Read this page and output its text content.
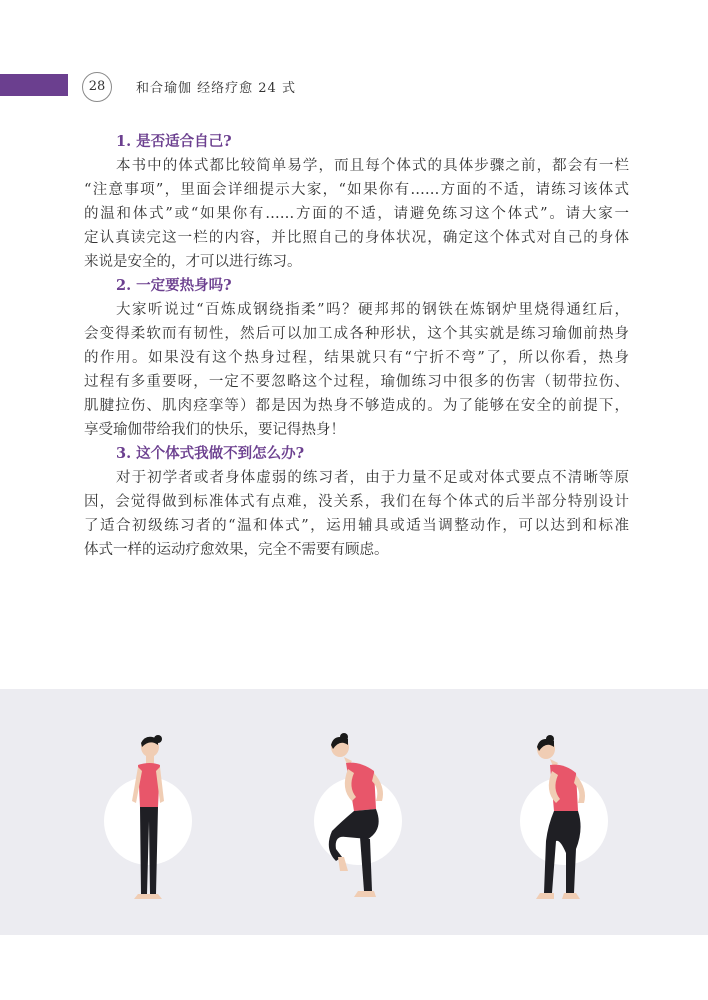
28	和合瑜伽 经络疗愈 24 式
1. 是否适合自己?
本书中的体式都比较简单易学，而且每个体式的具体步骤之前，都会有一栏
“注意事项”，里面会详细提示大家，“如果你有……方面的不适，请练习该体式
的温和体式”或“如果你有……方面的不适，请避免练习这个体式”。请大家一
定认真读完这一栏的内容，并比照自己的身体状况，确定这个体式对自己的身体
来说是安全的，才可以进行练习。
2. 一定要热身吗?
大家听说过“百炼成钢绕指柔”吗？硬邦邦的钢铁在炼钢炉里烧得通红后，
会变得柔软而有韧性，然后可以加工成各种形状，这个其实就是练习瑜伽前热身
的作用。如果没有这个热身过程，结果就只有“宁折不弯”了，所以你看，热身
过程有多重要呀，一定不要忽略这个过程，瑜伽练习中很多的伤害（韧带拉伤、
肌腱拉伤、肌肉痉挛等）都是因为热身不够造成的。为了能够在安全的前提下，
享受瑜伽带给我们的快乐，要记得热身！
3. 这个体式我做不到怎么办?
对于初学者或者身体虚弱的练习者，由于力量不足或对体式要点不清晰等原
因，会觉得做到标准体式有点难，没关系，我们在每个体式的后半部分特别设计
了适合初级练习者的“温和体式”，运用辅具或适当调整动作，可以达到和标准
体式一样的运动疗愈效果，完全不需要有顾虑。
